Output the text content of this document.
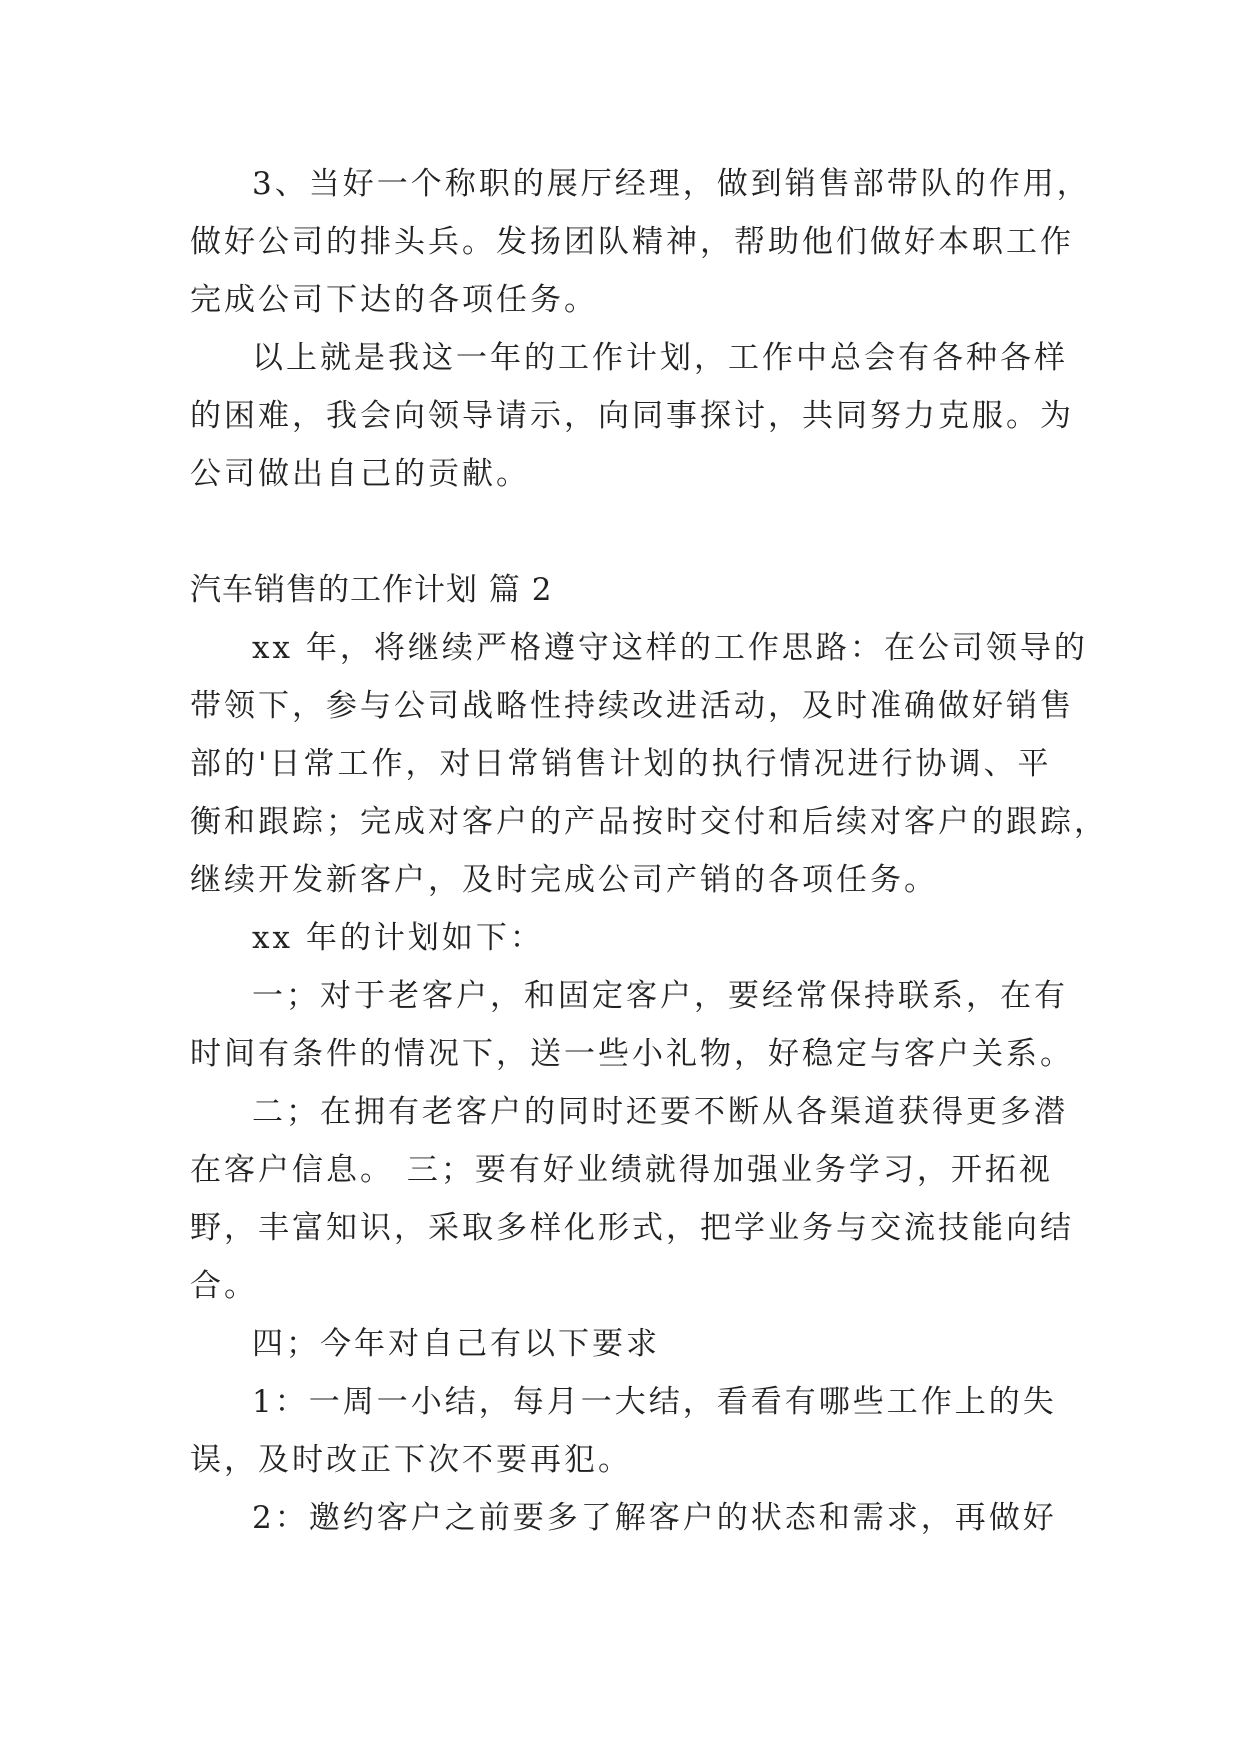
3、当好一个称职的展厅经理，做到销售部带队的作用，
做好公司的排头兵。发扬团队精神，帮助他们做好本职工作
完成公司下达的各项任务。
以上就是我这一年的工作计划，工作中总会有各种各样
的困难，我会向领导请示，向同事探讨，共同努力克服。为
公司做出自己的贡献。
汽车销售的工作计划 篇 2
xx 年，将继续严格遵守这样的工作思路：在公司领导的
带领下，参与公司战略性持续改进活动，及时准确做好销售
部的'日常工作，对日常销售计划的执行情况进行协调、平
衡和跟踪；完成对客户的产品按时交付和后续对客户的跟踪，
继续开发新客户，及时完成公司产销的各项任务。
xx 年的计划如下：
一；对于老客户，和固定客户，要经常保持联系，在有
时间有条件的情况下，送一些小礼物，好稳定与客户关系。
二；在拥有老客户的同时还要不断从各渠道获得更多潜
在客户信息。 三；要有好业绩就得加强业务学习，开拓视
野，丰富知识，采取多样化形式，把学业务与交流技能向结
合。
四；今年对自己有以下要求
1：一周一小结，每月一大结，看看有哪些工作上的失
误，及时改正下次不要再犯。
2：邀约客户之前要多了解客户的状态和需求，再做好
